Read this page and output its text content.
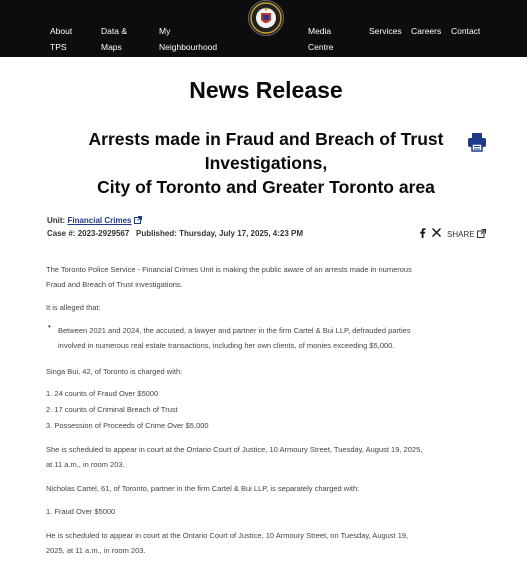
About
TPS
Data &
Maps
My
Neighbourhood
Media
Centre
Services Careers Contact
News Release
Arrests made in Fraud and Breach of Trust
Investigations,
City of Toronto and Greater Toronto area
Unit: Financial Crimes
Case #: 2023-2929567 Published: Thursday, July 17, 2025, 4:23 PM	SHARE
The Toronto Police Service - Financial Crimes Unit is making the public aware of an arrests made in numerous
Fraud and Breach of Trust investigations.
It is alleged that:
• Between 2021 and 2024, the accused, a lawyer and partner in the firm Cartel & Bui LLP, defrauded parties
involved in numerous real estate transactions, including her own clients, of monies exceeding $5,000.
Singa Bui, 42, of Toronto is charged with:
1. 24 counts of Fraud Over $5000
2. 17 counts of Criminal Breach of Trust
3. Possession of Proceeds of Crime Over $5,000
She is scheduled to appear in court at the Ontario Court of Justice, 10 Armoury Street, Tuesday, August 19, 2025,
at 11 a.m., in room 203.
Nicholas Cartel, 61, of Toronto, partner in the firm Cartel & Bui LLP, is separately charged with:
1. Fraud Over $5000
He is scheduled to appear in court at the Ontario Court of Justice, 10 Armoury Street, on Tuesday, August 19,
2025, at 11 a.m., in room 203.
